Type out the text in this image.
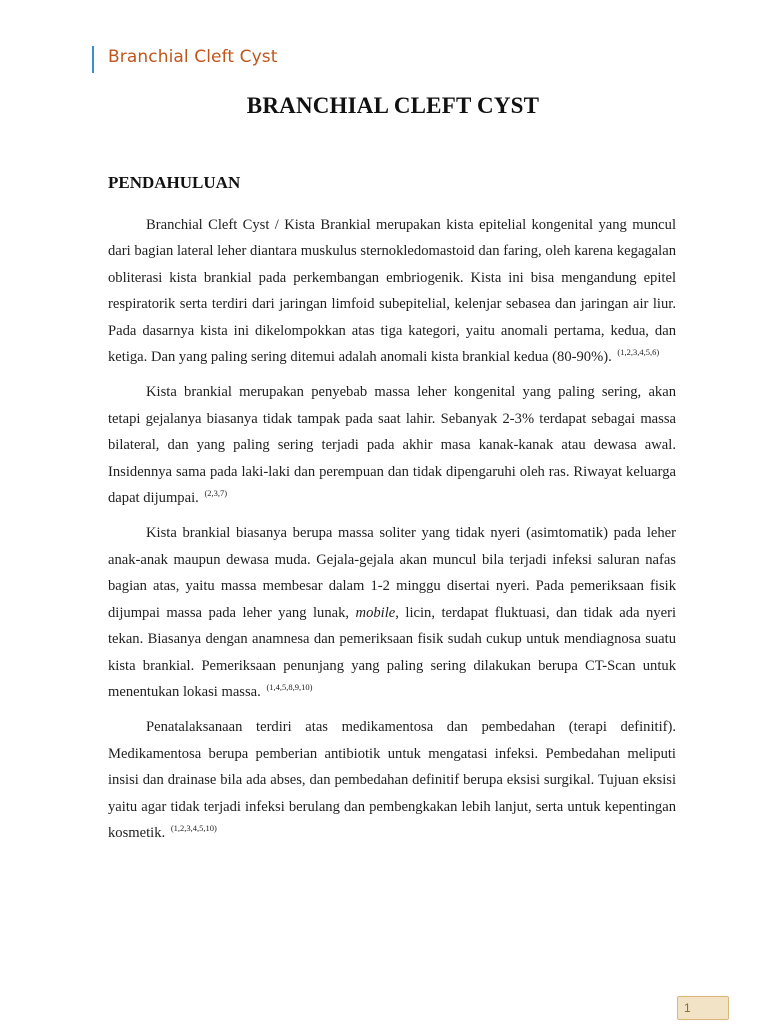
Branchial Cleft Cyst
BRANCHIAL CLEFT CYST
PENDAHULUAN

Branchial Cleft Cyst / Kista Brankial merupakan kista epitelial kongenital yang muncul dari bagian lateral leher diantara muskulus sternokledomastoid dan faring, oleh karena kegagalan obliterasi kista brankial pada perkembangan embriogenik. Kista ini bisa mengandung epitel respiratorik serta terdiri dari jaringan limfoid subepitelial, kelenjar sebasea dan jaringan air liur. Pada dasarnya kista ini dikelompokkan atas tiga kategori, yaitu anomali pertama, kedua, dan ketiga. Dan yang paling sering ditemui adalah anomali kista brankial kedua (80-90%). $^{(1,2,3,4,5,6)}$

Kista brankial merupakan penyebab massa leher kongenital yang paling sering, akan tetapi gejalanya biasanya tidak tampak pada saat lahir. Sebanyak 2-3% terdapat sebagai massa bilateral, dan yang paling sering terjadi pada akhir masa kanak-kanak atau dewasa awal. Insidennya sama pada laki-laki dan perempuan dan tidak dipengaruhi oleh ras. Riwayat keluarga dapat dijumpai. $^{(2,3,7)}$

Kista brankial biasanya berupa massa soliter yang tidak nyeri (asimtomatik) pada leher anak-anak maupun dewasa muda. Gejala-gejala akan muncul bila terjadi infeksi saluran nafas bagian atas, yaitu massa membesar dalam 1-2 minggu disertai nyeri. Pada pemeriksaan fisik dijumpai massa pada leher yang lunak, mobile, licin, terdapat fluktuasi, dan tidak ada nyeri tekan. Biasanya dengan anamnesa dan pemeriksaan fisik sudah cukup untuk mendiagnosa suatu kista brankial. Pemeriksaan penunjang yang paling sering dilakukan berupa CT-Scan untuk menentukan lokasi massa. $^{(1,4,5,8,9,10)}$

Penatalaksanaan terdiri atas medikamentosa dan pembedahan (terapi definitif). Medikamentosa berupa pemberian antibiotik untuk mengatasi infeksi. Pembedahan meliputi insisi dan drainase bila ada abses, dan pembedahan definitif berupa eksisi surgikal. Tujuan eksisi yaitu agar tidak terjadi infeksi berulang dan pembengkakan lebih lanjut, serta untuk kepentingan kosmetik. $^{(1,2,3,4,5,10)}$

1
